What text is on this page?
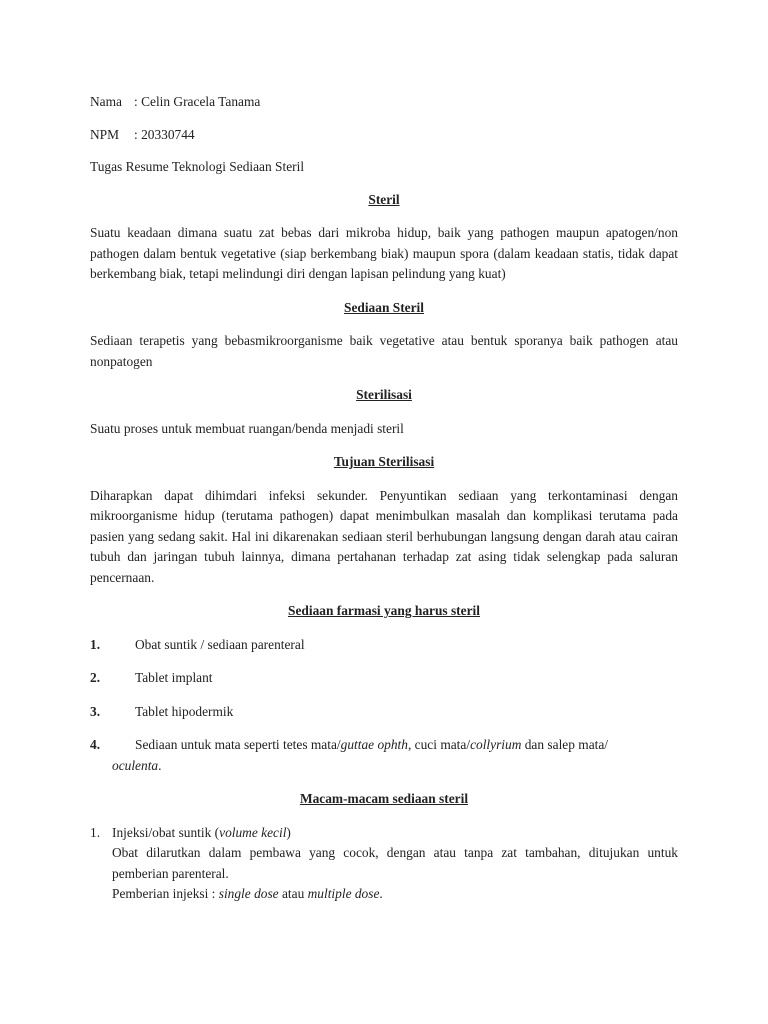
Nama : Celin Gracela Tanama

NPM : 20330744

Tugas Resume Teknologi Sediaan Steril

Steril

Suatu keadaan dimana suatu zat bebas dari mikroba hidup, baik yang pathogen maupun apatogen/non pathogen dalam bentuk vegetative (siap berkembang biak) maupun spora (dalam keadaan statis, tidak dapat berkembang biak, tetapi melindungi diri dengan lapisan pelindung yang kuat)

Sediaan Steril

Sediaan terapetis yang bebasmikroorganisme baik vegetative atau bentuk sporanya baik pathogen atau nonpatogen

Sterilisasi

Suatu proses untuk membuat ruangan/benda menjadi steril

Tujuan Sterilisasi

Diharapkan dapat dihimdari infeksi sekunder. Penyuntikan sediaan yang terkontaminasi dengan mikroorganisme hidup (terutama pathogen) dapat menimbulkan masalah dan komplikasi terutama pada pasien yang sedang sakit. Hal ini dikarenakan sediaan steril berhubungan langsung dengan darah atau cairan tubuh dan jaringan tubuh lainnya, dimana pertahanan terhadap zat asing tidak selengkap pada saluran pencernaan.

Sediaan farmasi yang harus steril

1.	Obat suntik / sediaan parenteral
2.	Tablet implant
3.	Tablet hipodermik
4.	Sediaan untuk mata seperti tetes mata/guttae ophth, cuci mata/collyrium dan salep mata/
oculenta.

Macam-macam sediaan steril

1. Injeksi/obat suntik (volume kecil)
Obat dilarutkan dalam pembawa yang cocok, dengan atau tanpa zat tambahan, ditujukan untuk pemberian parenteral.
Pemberian injeksi : single dose atau multiple dose.
